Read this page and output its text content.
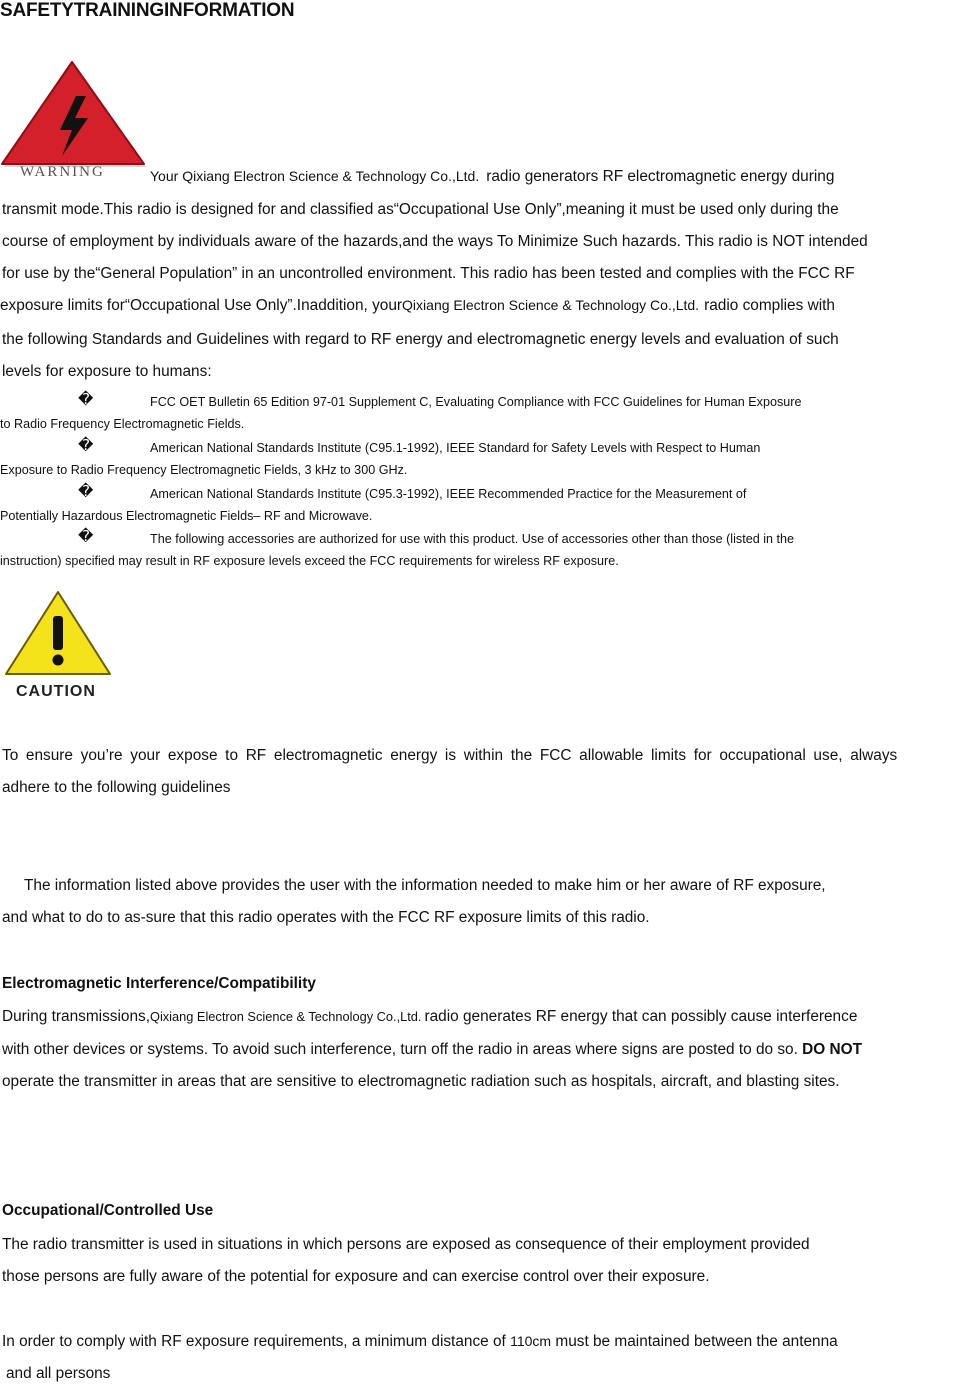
SAFETYTRAININGINFORMATION
WARNING	Your Qixiang Electron Science & Technology Co.,Ltd. radio generators RF electromagnetic energy during
transmit mode.This radio is designed for and classified as“Occupational Use Only”,meaning it must be used only during the
course of employment by individuals aware of the hazards,and the ways To Minimize Such hazards. This radio is NOT intended
for use by the“General Population” in an uncontrolled environment. This radio has been tested and complies with the FCC RF
exposure limits for“Occupational Use Only”.Inaddition, yourQixiang Electron Science & Technology Co.,Ltd. radio complies with
the following Standards and Guidelines with regard to RF energy and electromagnetic energy levels and evaluation of such
levels for exposure to humans:
�	FCC OET Bulletin 65 Edition 97-01 Supplement C, Evaluating Compliance with FCC Guidelines for Human Exposure
to Radio Frequency Electromagnetic Fields.
�	American National Standards Institute (C95.1-1992), IEEE Standard for Safety Levels with Respect to Human
Exposure to Radio Frequency Electromagnetic Fields, 3 kHz to 300 GHz.
�	American National Standards Institute (C95.3-1992), IEEE Recommended Practice for the Measurement of
Potentially Hazardous Electromagnetic Fields– RF and Microwave.
�	The following accessories are authorized for use with this product. Use of accessories other than those (listed in the
instruction) specified may result in RF exposure levels exceed the FCC requirements for wireless RF exposure.
CAUTION
To ensure you’re your expose to RF electromagnetic energy is within the FCC allowable limits for occupational use, always
adhere to the following guidelines
The information listed above provides the user with the information needed to make him or her aware of RF exposure,
and what to do to as-sure that this radio operates with the FCC RF exposure limits of this radio.
Electromagnetic Interference/Compatibility
During transmissions,Qixiang Electron Science & Technology Co.,Ltd. radio generates RF energy that can possibly cause interference
with other devices or systems. To avoid such interference, turn off the radio in areas where signs are posted to do so. DO NOT
operate the transmitter in areas that are sensitive to electromagnetic radiation such as hospitals, aircraft, and blasting sites.
Occupational/Controlled Use
The radio transmitter is used in situations in which persons are exposed as consequence of their employment provided
those persons are fully aware of the potential for exposure and can exercise control over their exposure.
In order to comply with RF exposure requirements, a minimum distance of 110cm must be maintained between the antenna
and all persons
